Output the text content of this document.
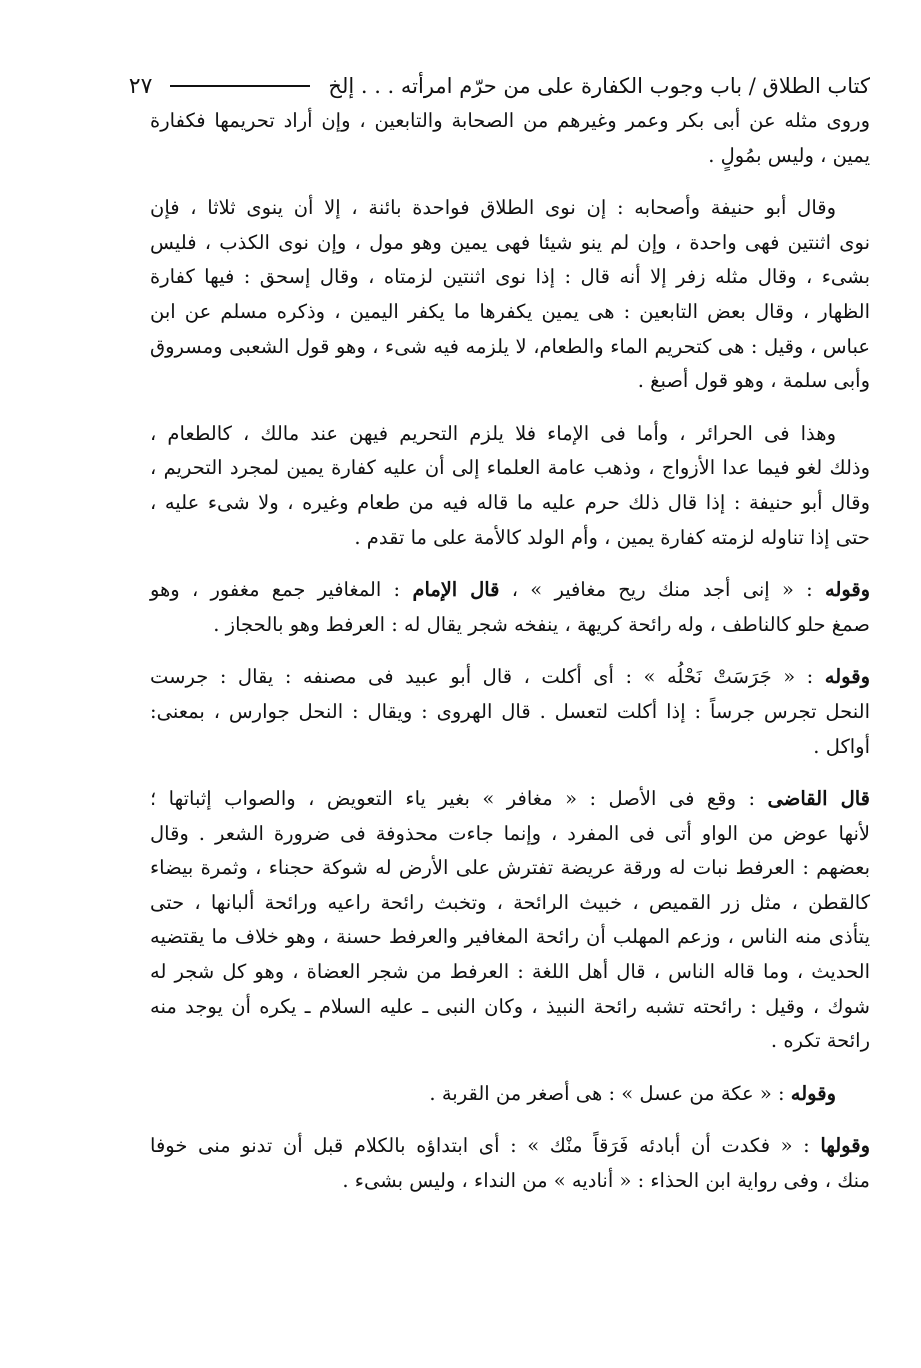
كتاب الطلاق / باب وجوب الكفارة على من حرّم امرأته . . . إلخ
٢٧
وروى مثله عن أبى بكر وعمر وغيرهم من الصحابة والتابعين ، وإن أراد تحريمها فكفارة
يمين ، وليس بمُولٍ .
وقال أبو حنيفة وأصحابه : إن نوى الطلاق فواحدة بائنة ، إلا أن ينوى ثلاثا ، فإن
نوى اثنتين فهى واحدة ، وإن لم ينو شيئا فهى يمين وهو مول ، وإن نوى الكذب ، فليس
بشىء ، وقال مثله زفر إلا أنه قال : إذا نوى اثنتين لزمتاه ، وقال إسحق : فيها كفارة
الظهار ، وقال بعض التابعين : هى يمين يكفرها ما يكفر اليمين ، وذكره مسلم عن ابن
عباس ، وقيل : هى كتحريم الماء والطعام، لا يلزمه فيه شىء ، وهو قول الشعبى ومسروق
وأبى سلمة ، وهو قول أصبغ .
وهذا فى الحرائر ، وأما فى الإماء فلا يلزم التحريم فيهن عند مالك ، كالطعام ،
وذلك لغو فيما عدا الأزواج ، وذهب عامة العلماء إلى أن عليه كفارة يمين لمجرد التحريم ،
وقال أبو حنيفة : إذا قال ذلك حرم عليه ما قاله فيه من طعام وغيره ، ولا شىء عليه ،
حتى إذا تناوله لزمته كفارة يمين ، وأم الولد كالأمة على ما تقدم .
وقوله : « إنى أجد منك ريح مغافير » ، قال الإمام : المغافير جمع مغفور ، وهو
صمغ حلو كالناطف ، وله رائحة كريهة ، ينفخه شجر يقال له : العرفط وهو بالحجاز .
وقوله : « جَرَسَتْ نَحْلُه » : أى أكلت ، قال أبو عبيد فى مصنفه : يقال : جرست
النحل تجرس جرساً : إذا أكلت لتعسل . قال الهروى : ويقال : النحل جوارس ، بمعنى:
أواكل .
قال القاضى : وقع فى الأصل : « مغافر » بغير ياء التعويض ، والصواب إثباتها ؛
لأنها عوض من الواو أتى فى المفرد ، وإنما جاءت محذوفة فى ضرورة الشعر . وقال
بعضهم : العرفط نبات له ورقة عريضة تفترش على الأرض له شوكة حجناء ، وثمرة بيضاء
كالقطن ، مثل زر القميص ، خبيث الرائحة ، وتخبث رائحة راعيه ورائحة ألبانها ، حتى
يتأذى منه الناس ، وزعم المهلب أن رائحة المغافير والعرفط حسنة ، وهو خلاف ما يقتضيه
الحديث ، وما قاله الناس ، قال أهل اللغة : العرفط من شجر العضاة ، وهو كل شجر له
شوك ، وقيل : رائحته تشبه رائحة النبيذ ، وكان النبى ـ عليه السلام ـ يكره أن يوجد منه
رائحة تكره .
وقوله : « عكة من عسل » : هى أصغر من القربة .
وقولها : « فكدت أن أبادئه فَرَقاً منْك » : أى ابتداؤه بالكلام قبل أن تدنو منى خوفا
منك ، وفى رواية ابن الحذاء : « أناديه » من النداء ، وليس بشىء .
